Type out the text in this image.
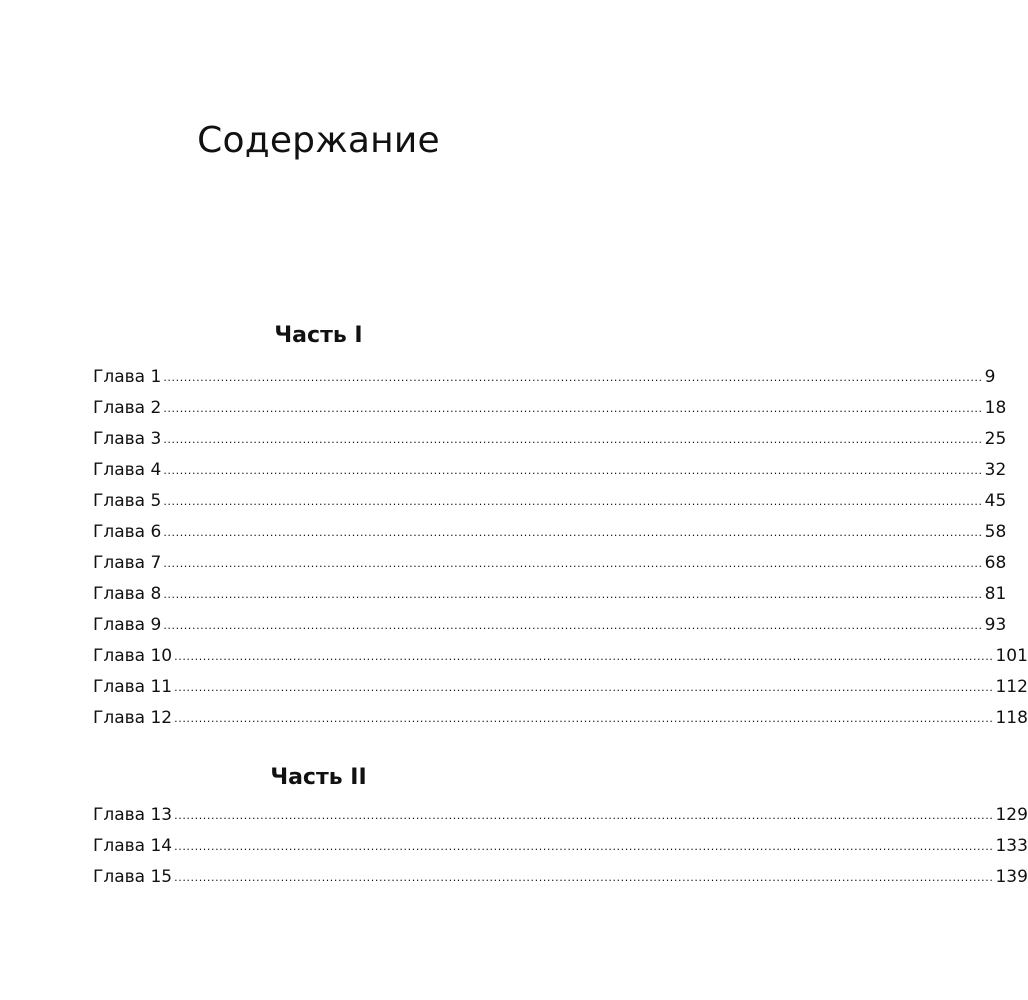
Содержание
Часть I
Глава 1 ........................................................................................................................................................................................................ 9
Глава 2 ........................................................................................................................................................................................................ 18
Глава 3 ........................................................................................................................................................................................................ 25
Глава 4 ........................................................................................................................................................................................................ 32
Глава 5 ........................................................................................................................................................................................................ 45
Глава 6 ........................................................................................................................................................................................................ 58
Глава 7 ........................................................................................................................................................................................................ 68
Глава 8 ........................................................................................................................................................................................................ 81
Глава 9 ........................................................................................................................................................................................................ 93
Глава 10 ........................................................................................................................................................................................................ 101
Глава 11 ........................................................................................................................................................................................................ 112
Глава 12 ........................................................................................................................................................................................................ 118
Часть II
Глава 13 ........................................................................................................................................................................................................ 129
Глава 14 ........................................................................................................................................................................................................ 133
Глава 15 ........................................................................................................................................................................................................ 139
